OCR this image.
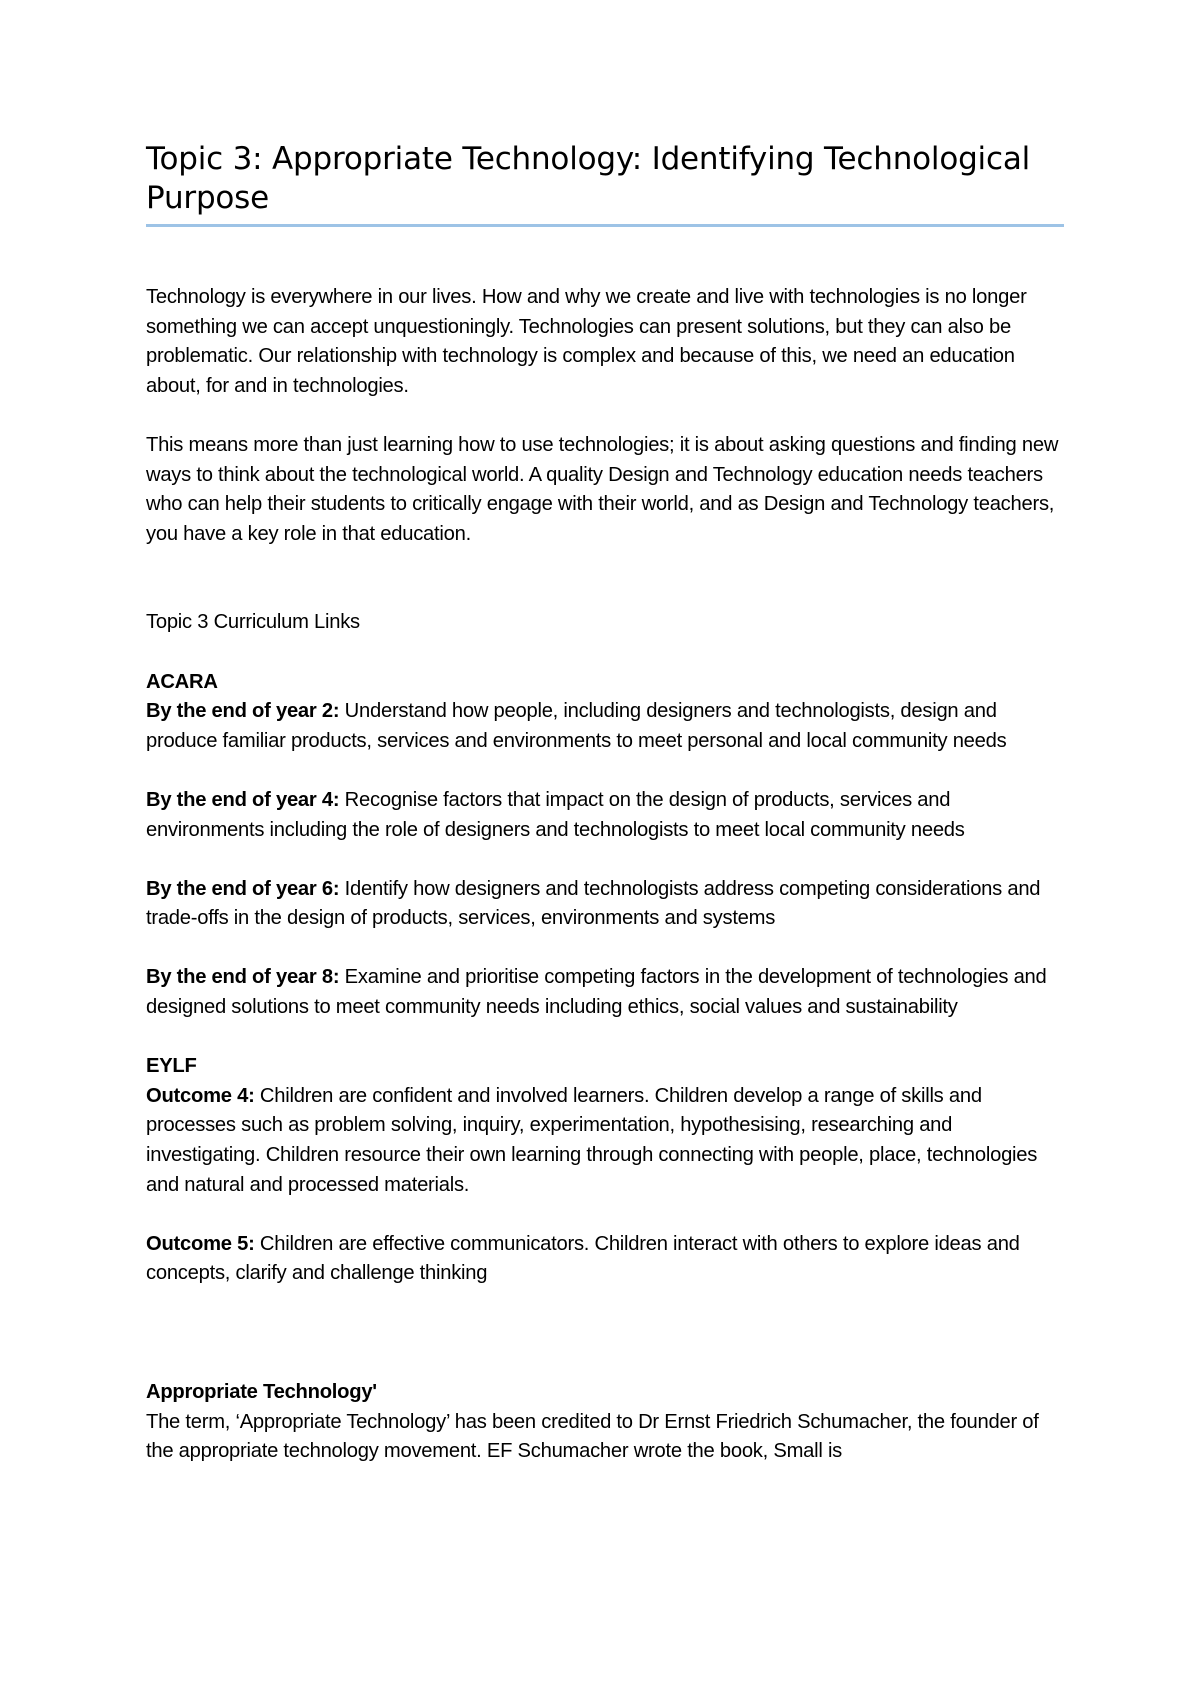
Topic 3: Appropriate Technology: Identifying Technological Purpose

Technology is everywhere in our lives. How and why we create and live with technologies is no longer something we can accept unquestioningly. Technologies can present solutions, but they can also be problematic. Our relationship with technology is complex and because of this, we need an education about, for and in technologies.

This means more than just learning how to use technologies; it is about asking questions and finding new ways to think about the technological world. A quality Design and Technology education needs teachers who can help their students to critically engage with their world, and as Design and Technology teachers, you have a key role in that education.

Topic 3 Curriculum Links

ACARA

By the end of year 2: Understand how people, including designers and technologists, design and produce familiar products, services and environments to meet personal and local community needs

By the end of year 4: Recognise factors that impact on the design of products, services and environments including the role of designers and technologists to meet local community needs

By the end of year 6: Identify how designers and technologists address competing considerations and trade-offs in the design of products, services, environments and systems

By the end of year 8: Examine and prioritise competing factors in the development of technologies and designed solutions to meet community needs including ethics, social values and sustainability

EYLF

Outcome 4: Children are confident and involved learners. Children develop a range of skills and processes such as problem solving, inquiry, experimentation, hypothesising, researching and investigating. Children resource their own learning through connecting with people, place, technologies and natural and processed materials.

Outcome 5: Children are effective communicators. Children interact with others to explore ideas and concepts, clarify and challenge thinking

Appropriate Technology'

The term, ‘Appropriate Technology’ has been credited to Dr Ernst Friedrich Schumacher, the founder of the appropriate technology movement. EF Schumacher wrote the book, Small is
